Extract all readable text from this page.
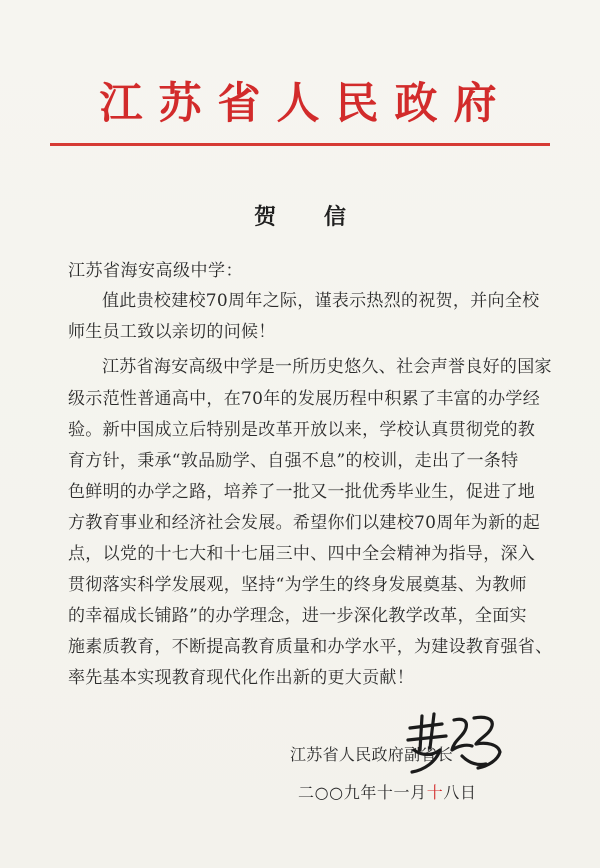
江苏省人民政府
贺 信
江苏省海安高级中学：
值此贵校建校70周年之际，谨表示热烈的祝贺，并向全校
师生员工致以亲切的问候！
江苏省海安高级中学是一所历史悠久、社会声誉良好的国家
级示范性普通高中，在70年的发展历程中积累了丰富的办学经
验。新中国成立后特别是改革开放以来，学校认真贯彻党的教
育方针，秉承“敦品励学、自强不息”的校训，走出了一条特
色鲜明的办学之路，培养了一批又一批优秀毕业生，促进了地
方教育事业和经济社会发展。希望你们以建校70周年为新的起
点，以党的十七大和十七届三中、四中全会精神为指导，深入
贯彻落实科学发展观，坚持“为学生的终身发展奠基、为教师
的幸福成长铺路”的办学理念，进一步深化教学改革，全面实
施素质教育，不断提高教育质量和办学水平，为建设教育强省、
率先基本实现教育现代化作出新的更大贡献！
江苏省人民政府副省长
二○○九年十一月十八日
